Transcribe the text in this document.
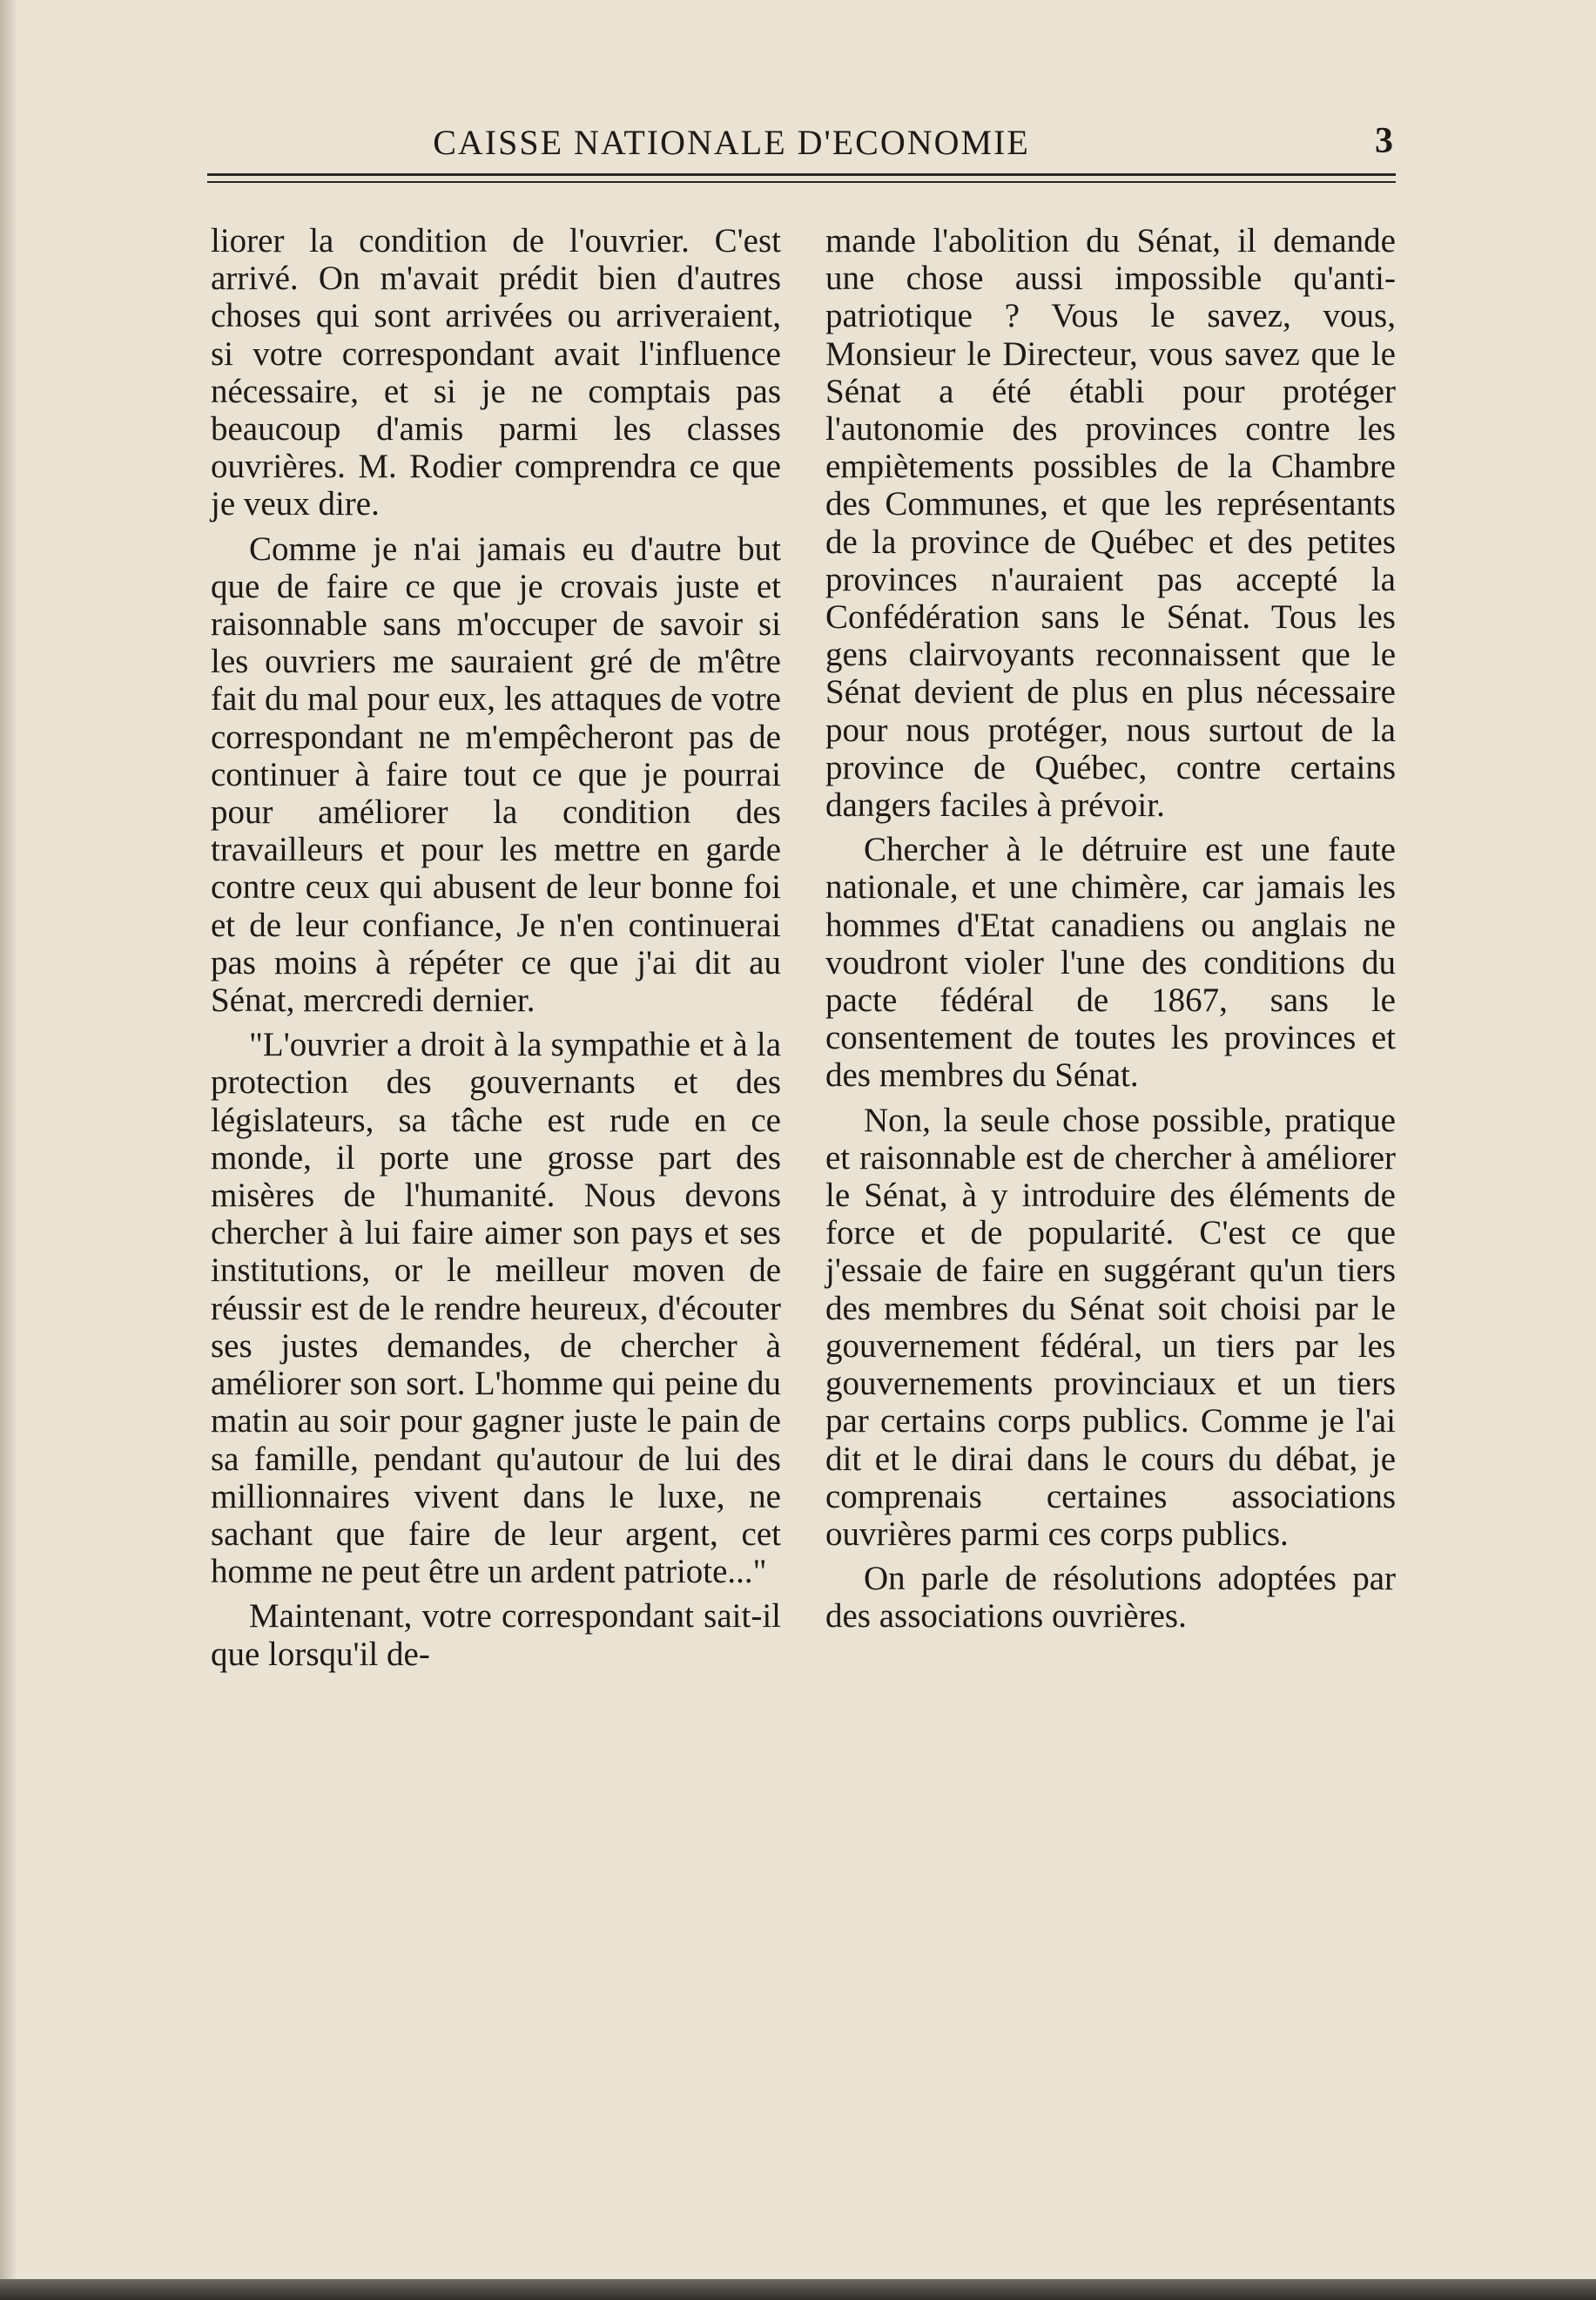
CAISSE NATIONALE D'ECONOMIE	3

liorer la condition de l'ouvrier. C'est arrivé. On m'avait prédit bien d'autres choses qui sont arrivées ou arriveraient, si votre correspondant avait l'influence nécessaire, et si je ne comptais pas beaucoup d'amis parmi les classes ouvrières. M. Rodier comprendra ce que je veux dire.

Comme je n'ai jamais eu d'autre but que de faire ce que je crovais juste et raisonnable sans m'occuper de savoir si les ouvriers me sauraient gré de m'être fait du mal pour eux, les attaques de votre correspondant ne m'empêcheront pas de continuer à faire tout ce que je pourrai pour améliorer la condition des travailleurs et pour les mettre en garde contre ceux qui abusent de leur bonne foi et de leur confiance, Je n'en continuerai pas moins à répéter ce que j'ai dit au Sénat, mercredi dernier.

"L'ouvrier a droit à la sympathie et à la protection des gouvernants et des législateurs, sa tâche est rude en ce monde, il porte une grosse part des misères de l'humanité. Nous devons chercher à lui faire aimer son pays et ses institutions, or le meilleur moven de réussir est de le rendre heureux, d'écouter ses justes demandes, de chercher à améliorer son sort. L'homme qui peine du matin au soir pour gagner juste le pain de sa famille, pendant qu'autour de lui des millionnaires vivent dans le luxe, ne sachant que faire de leur argent, cet homme ne peut être un ardent patriote..."

Maintenant, votre correspondant sait-il que lorsqu'il de-

mande l'abolition du Sénat, il demande une chose aussi impossible qu'anti-patriotique ? Vous le savez, vous, Monsieur le Directeur, vous savez que le Sénat a été établi pour protéger l'autonomie des provinces contre les empiètements possibles de la Chambre des Communes, et que les représentants de la province de Québec et des petites provinces n'auraient pas accepté la Confédération sans le Sénat. Tous les gens clairvoyants reconnaissent que le Sénat devient de plus en plus nécessaire pour nous protéger, nous surtout de la province de Québec, contre certains dangers faciles à prévoir.

Chercher à le détruire est une faute nationale, et une chimère, car jamais les hommes d'Etat canadiens ou anglais ne voudront violer l'une des conditions du pacte fédéral de 1867, sans le consentement de toutes les provinces et des membres du Sénat.

Non, la seule chose possible, pratique et raisonnable est de chercher à améliorer le Sénat, à y introduire des éléments de force et de popularité. C'est ce que j'essaie de faire en suggérant qu'un tiers des membres du Sénat soit choisi par le gouvernement fédéral, un tiers par les gouvernements provinciaux et un tiers par certains corps publics. Comme je l'ai dit et le dirai dans le cours du débat, je comprenais certaines associations ouvrières parmi ces corps publics.

On parle de résolutions adoptées par des associations ouvrières.
